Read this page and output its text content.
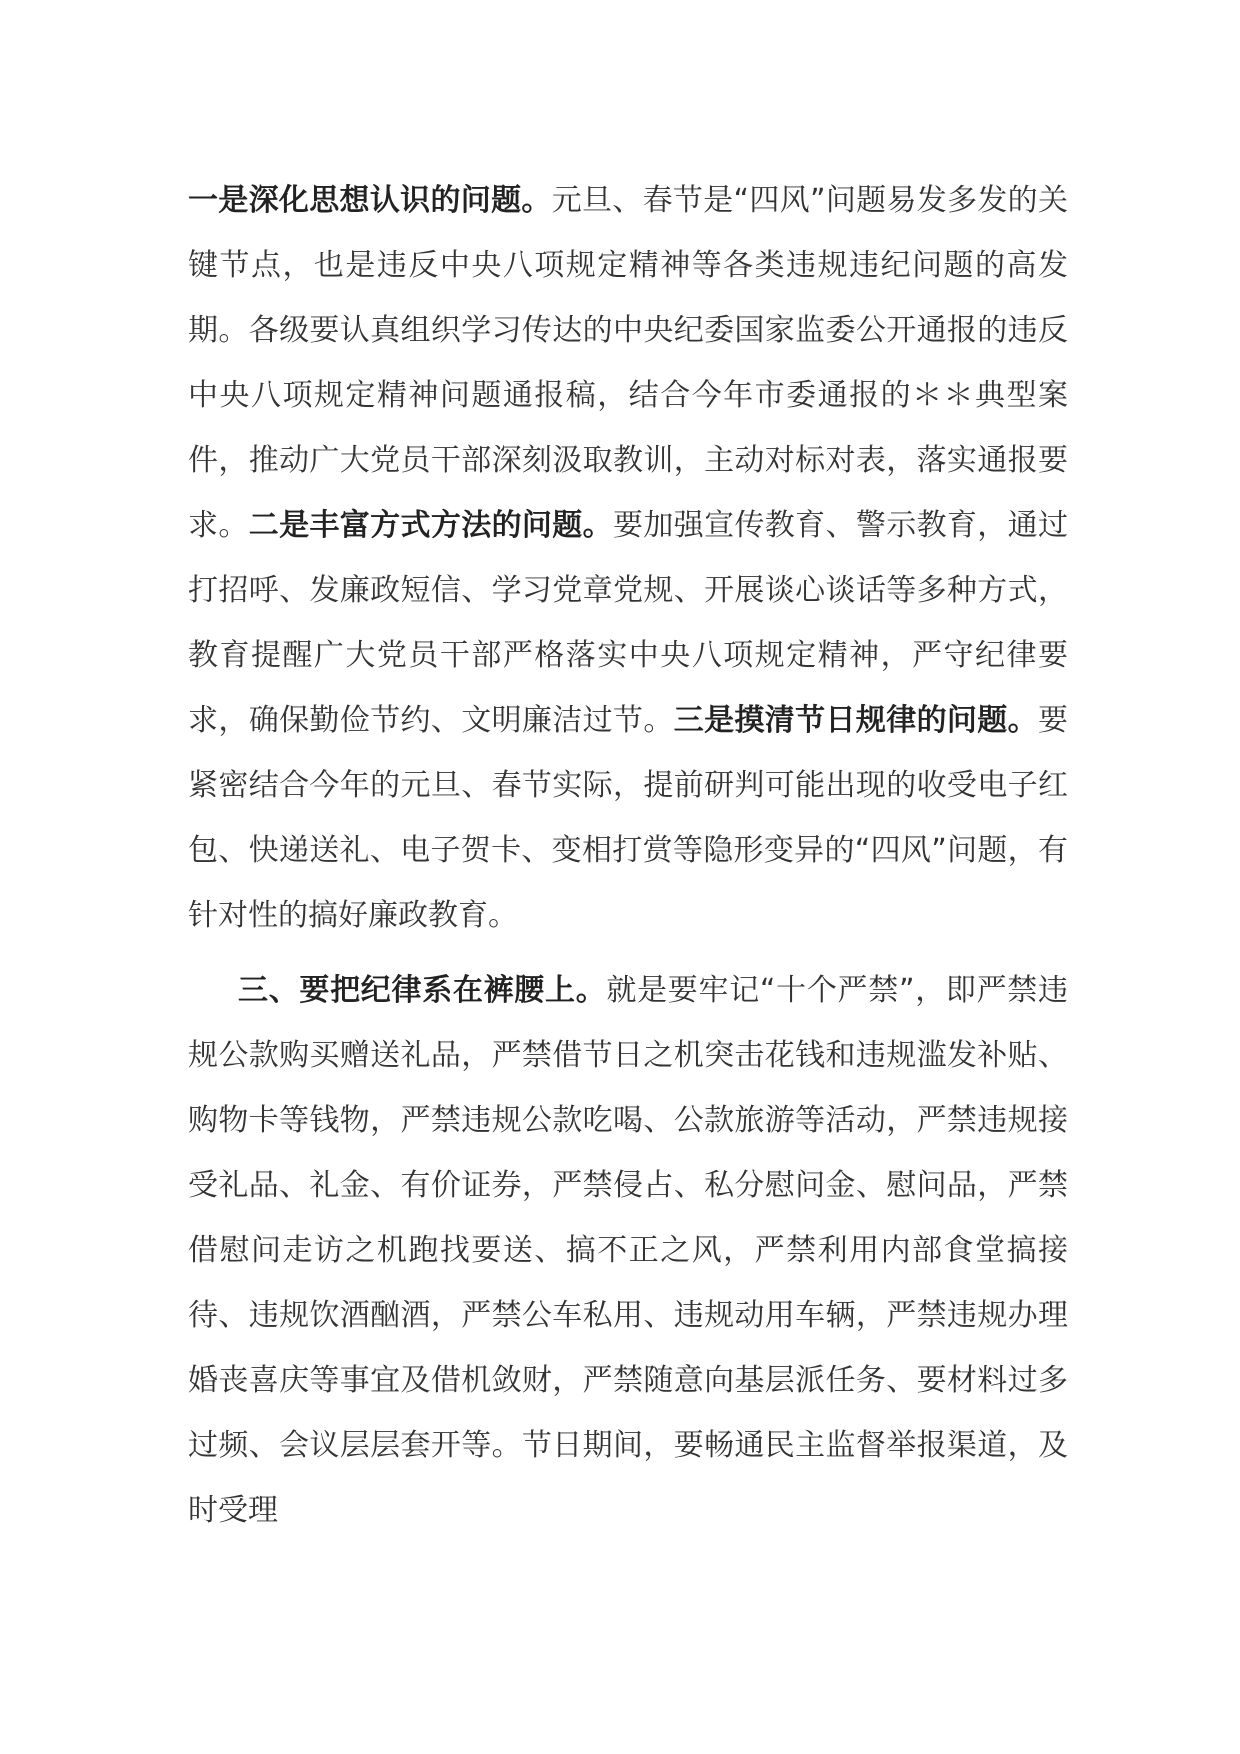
一是深化思想认识的问题。元旦、春节是“四风”问题易发多发的关键节点，也是违反中央八项规定精神等各类违规违纪问题的高发期。各级要认真组织学习传达的中央纪委国家监委公开通报的违反中央八项规定精神问题通报稿，结合今年市委通报的＊＊典型案件，推动广大党员干部深刻汲取教训，主动对标对表，落实通报要求。二是丰富方式方法的问题。要加强宣传教育、警示教育，通过打招呼、发廉政短信、学习党章党规、开展谈心谈话等多种方式，教育提醒广大党员干部严格落实中央八项规定精神，严守纪律要求，确保勤俭节约、文明廉洁过节。三是摸清节日规律的问题。要紧密结合今年的元旦、春节实际，提前研判可能出现的收受电子红包、快递送礼、电子贺卡、变相打赏等隐形变异的“四风”问题，有针对性的搞好廉政教育。

三、要把纪律系在裤腰上。就是要牢记“十个严禁”，即严禁违规公款购买赠送礼品，严禁借节日之机突击花钱和违规滥发补贴、购物卡等钱物，严禁违规公款吃喝、公款旅游等活动，严禁违规接受礼品、礼金、有价证券，严禁侵占、私分慰问金、慰问品，严禁借慰问走访之机跑找要送、搞不正之风，严禁利用内部食堂搞接待、违规饮酒酗酒，严禁公车私用、违规动用车辆，严禁违规办理婚丧喜庆等事宜及借机敛财，严禁随意向基层派任务、要材料过多过频、会议层层套开等。节日期间，要畅通民主监督举报渠道，及时受理
